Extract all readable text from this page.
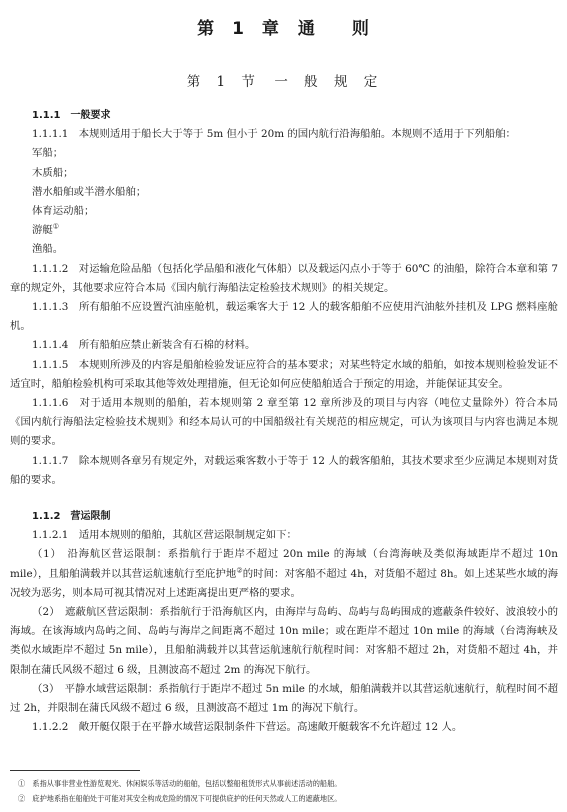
第 1 章　通　　则
第 1 节　一 般 规 定

1.1.1　一般要求

1.1.1.1　本规则适用于船长大于等于 5m 但小于 20m 的国内航行沿海船舶。本规则不适用于下列船舶：

军船；

木质船；

潜水船舶或半潜水船舶；

体育运动船；

游艇①

渔船。

1.1.1.2　对运输危险品船（包括化学品船和液化气体船）以及载运闪点小于等于 60℃ 的油船，除符合本章和第 7 章的规定外，其他要求应符合本局《国内航行海船法定检验技术规则》的相关规定。

1.1.1.3　所有船舶不应设置汽油座舱机，载运乘客大于 12 人的载客船舶不应使用汽油舷外挂机及 LPG 燃料座舱机。

1.1.1.4　所有船舶应禁止新装含有石棉的材料。

1.1.1.5　本规则所涉及的内容是船舶检验发证应符合的基本要求；对某些特定水域的船舶，如按本规则检验发证不适宜时，船舶检验机构可采取其他等效处理措施，但无论如何应使船舶适合于预定的用途，并能保证其安全。

1.1.1.6　对于适用本规则的船舶，若本规则第 2 章至第 12 章所涉及的项目与内容（吨位丈量除外）符合本局《国内航行海船法定检验技术规则》和经本局认可的中国船级社有关规范的相应规定，可认为该项目与内容也满足本规则的要求。

1.1.1.7　除本规则各章另有规定外，对载运乘客数小于等于 12 人的载客船舶，其技术要求至少应满足本规则对货船的要求。

1.1.2　营运限制

1.1.2.1　适用本规则的船舶，其航区营运限制规定如下：

（1）　沿海航区营运限制：系指航行于距岸不超过 20n mile 的海域（台湾海峡及类似海域距岸不超过 10n mile），且船舶满载并以其营运航速航行至庇护地②的时间：对客船不超过 4h，对货船不超过 8h。如上述某些水域的海况较为恶劣，则本局可视其情况对上述距离提出更严格的要求。

（2）　遮蔽航区营运限制：系指航行于沿海航区内，由海岸与岛屿、岛屿与岛屿围成的遮蔽条件较好、波浪较小的海域。在该海域内岛屿之间、岛屿与海岸之间距离不超过 10n mile；或在距岸不超过 10n mile 的海域（台湾海峡及类似水域距岸不超过 5n mile），且船舶满载并以其营运航速航行航程时间：对客船不超过 2h，对货船不超过 4h，并限制在蒲氏风级不超过 6 级，且测波高不超过 2m 的海况下航行。

（3）　平静水域营运限制：系指航行于距岸不超过 5n mile 的水域，船舶满载并以其营运航速航行，航程时间不超过 2h，并限制在蒲氏风级不超过 6 级，且测波高不超过 1m 的海况下航行。

1.1.2.2　敞开艇仅限于在平静水域营运限制条件下营运。高速敞开艇载客不允许超过 12 人。

①　系指从事非营业性游览观光、休闲娱乐等活动的船舶，包括以整船租赁形式从事前述活动的船舶。

②　庇护地系指在船舶处于可能对其安全构成危险的情况下可提供庇护的任何天然或人工的遮蔽地区。
